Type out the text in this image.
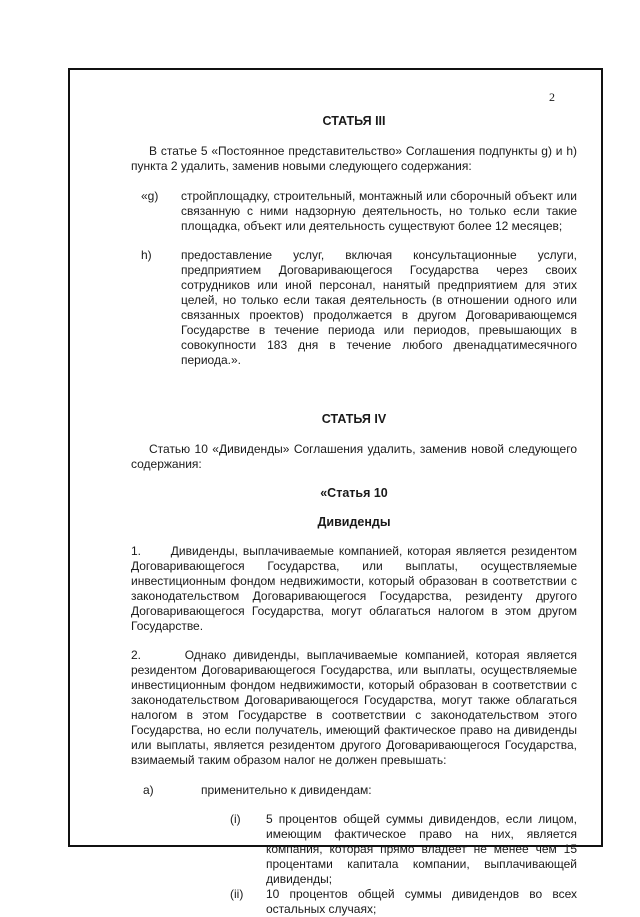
2
СТАТЬЯ III

В статье 5 «Постоянное представительство» Соглашения подпункты g) и h) пункта 2 удалить, заменив новыми следующего содержания:

«g)	стройплощадку, строительный, монтажный или сборочный объект или связанную с ними надзорную деятельность, но только если такие площадка, объект или деятельность существуют более 12 месяцев;
h)	предоставление услуг, включая консультационные услуги, предприятием Договаривающегося Государства через своих сотрудников или иной персонал, нанятый предприятием для этих целей, но только если такая деятельность (в отношении одного или связанных проектов) продолжается в другом Договаривающемся Государстве в течение периода или периодов, превышающих в совокупности 183 дня в течение любого двенадцатимесячного периода.».
СТАТЬЯ IV

Статью 10 «Дивиденды» Соглашения удалить, заменив новой следующего содержания:

«Статья 10
Дивиденды

1.      Дивиденды, выплачиваемые компанией, которая является резидентом Договаривающегося Государства, или выплаты, осуществляемые инвестиционным фондом недвижимости, который образован в соответствии с законодательством Договаривающегося Государства, резиденту другого Договаривающегося Государства, могут облагаться налогом в этом другом Государстве.

2.      Однако дивиденды, выплачиваемые компанией, которая является резидентом Договаривающегося Государства, или выплаты, осуществляемые инвестиционным фондом недвижимости, который образован в соответствии с законодательством Договаривающегося Государства, могут также облагаться налогом в этом Государстве в соответствии с законодательством этого Государства, но если получатель, имеющий фактическое право на дивиденды или выплаты, является резидентом другого Договаривающегося Государства, взимаемый таким образом налог не должен превышать:

a)	применительно к дивидендам:
(i)	5 процентов общей суммы дивидендов, если лицом, имеющим фактическое право на них, является компания, которая прямо владеет не менее чем 15 процентами капитала компании, выплачивающей дивиденды;
(ii)	10 процентов общей суммы дивидендов во всех остальных случаях;
